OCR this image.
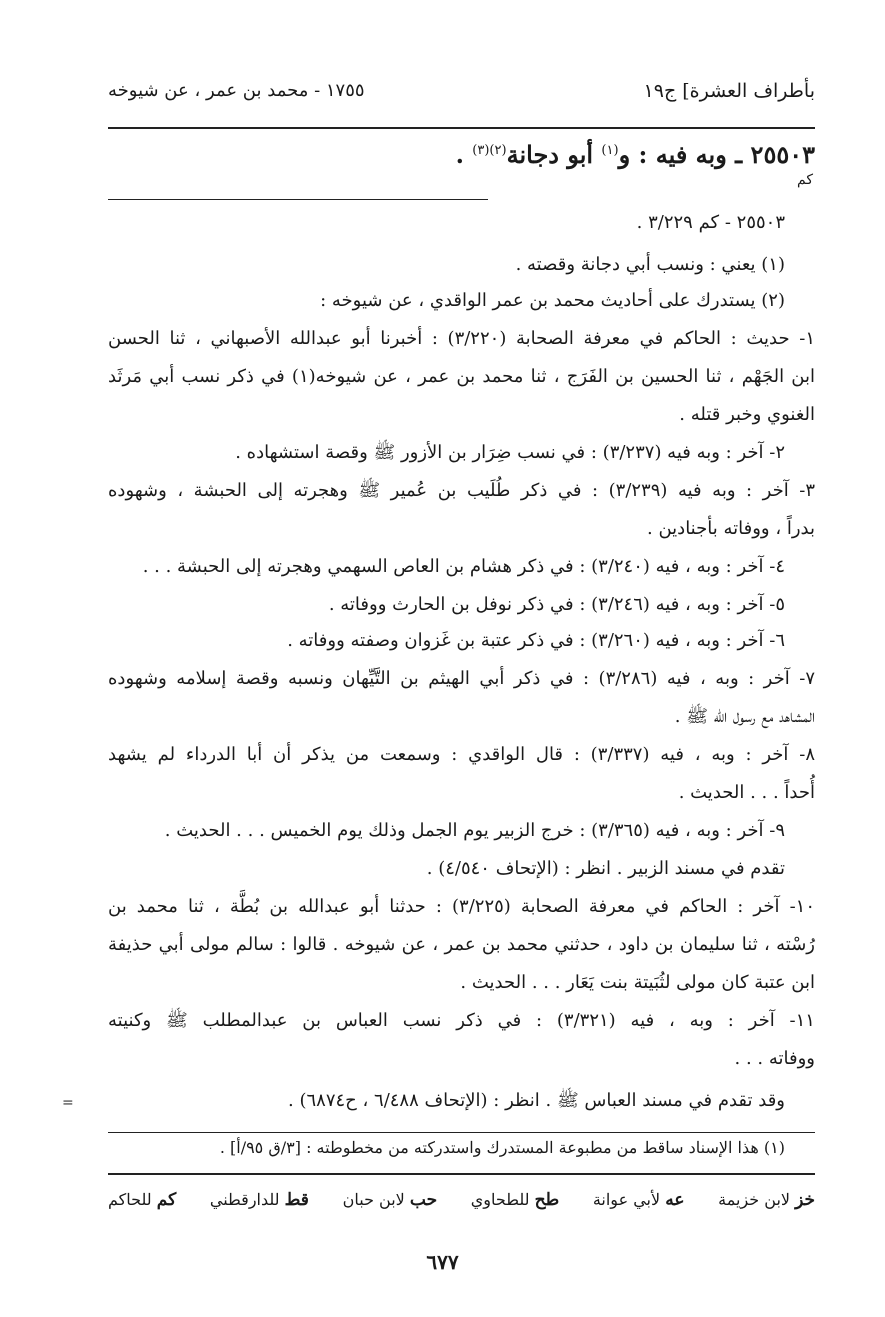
بأطراف العشرة] ج١٩
١٧٥٥ - محمد بن عمر ، عن شيوخه
٢٥٥٠٣ ـ وبه فيه : و$^{(١)}$ أبو دجانة$^{(٢)(٣)}$ .
كم
٢٥٥٠٣ - كم ٣/٢٢٩ .
(١) يعني : ونسب أبي دجانة وقصته .
(٢) يستدرك على أحاديث محمد بن عمر الواقدي ، عن شيوخه :
١- حديث : الحاكم في معرفة الصحابة (٣/٢٢٠) : أخبرنا أبو عبدالله الأصبهاني ، ثنا الحسن
ابن الجَهْم ، ثنا الحسين بن الفَرَج ، ثنا محمد بن عمر ، عن شيوخه(١) في ذكر نسب أبي مَرثَد
الغنوي وخبر قتله .
٢- آخر : وبه فيه (٣/٢٣٧) : في نسب ضِرَار بن الأزور ﷺ وقصة استشهاده .
٣- آخر : وبه فيه (٣/٢٣٩) : في ذكر طُلَيب بن عُمير ﷺ وهجرته إلى الحبشة ، وشهوده
بدراً ، ووفاته بأجنادين .
٤- آخر : وبه ، فيه (٣/٢٤٠) : في ذكر هشام بن العاص السهمي وهجرته إلى الحبشة . . .
٥- آخر : وبه ، فيه (٣/٢٤٦) : في ذكر نوفل بن الحارث ووفاته .
٦- آخر : وبه ، فيه (٣/٢٦٠) : في ذكر عتبة بن غَزوان وصفته ووفاته .
٧- آخر : وبه ، فيه (٣/٢٨٦) : في ذكر أبي الهيثم بن التَّيِّهان ونسبه وقصة إسلامه وشهوده
المشاهد مع رسول الله ﷺ .
٨- آخر : وبه ، فيه (٣/٣٣٧) : قال الواقدي : وسمعت من يذكر أن أبا الدرداء لم يشهد
أُحداً . . . الحديث .
٩- آخر : وبه ، فيه (٣/٣٦٥) : خرج الزبير يوم الجمل وذلك يوم الخميس . . . الحديث .
تقدم في مسند الزبير . انظر : (الإتحاف ٤/٥٤٠) .
١٠- آخر : الحاكم في معرفة الصحابة (٣/٢٢٥) : حدثنا أبو عبدالله بن بُطَّة ، ثنا محمد بن
رُسْته ، ثنا سليمان بن داود ، حدثني محمد بن عمر ، عن شيوخه . قالوا : سالم مولى أبي حذيفة
ابن عتبة كان مولى لثُبَيتة بنت يَعَار . . . الحديث .
١١- آخر : وبه ، فيه (٣/٣٢١) : في ذكر نسب العباس بن عبدالمطلب ﷺ وكنيته
ووفاته . . .
وقد تقدم في مسند العباس ﷺ . انظر : (الإتحاف ٦/٤٨٨ ، ح٦٨٧٤) .
=
(١) هذا الإسناد ساقط من مطبوعة المستدرك واستدركته من مخطوطته : [٣/ق ٩٥/أ] .
خز لابن خزيمة
عه لأبي عوانة
طح للطحاوي
حب لابن حبان
قط للدارقطني
كم للحاكم
٦٧٧
